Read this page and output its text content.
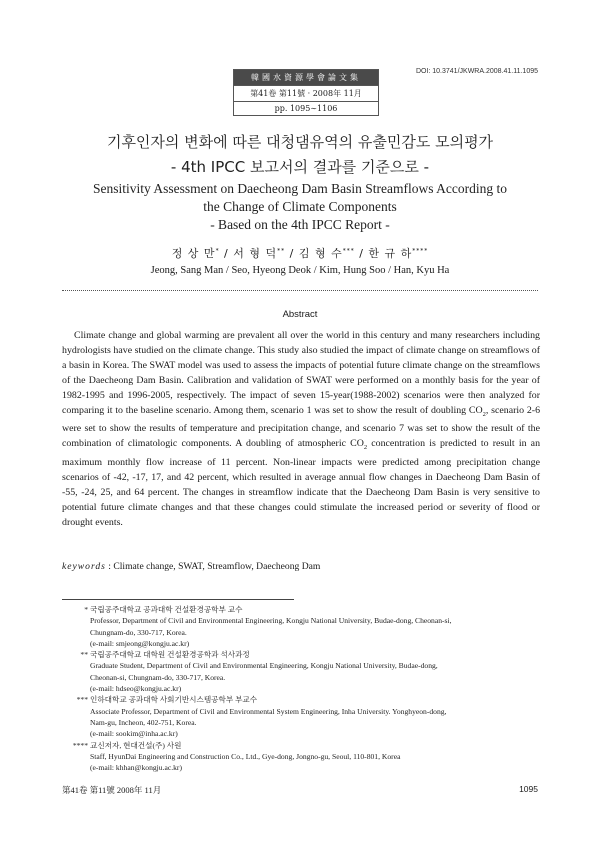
韓國水資源學會論文集
第41卷 第11號 · 2008年 11月
pp. 1095∼1106
DOI: 10.3741/JKWRA.2008.41.11.1095
기후인자의 변화에 따른 대청댐유역의 유출민감도 모의평가
- 4th IPCC 보고서의 결과를 기준으로 -
Sensitivity Assessment on Daecheong Dam Basin Streamflows According to
the Change of Climate Components
- Based on the 4th IPCC Report -
정 상 만* / 서 형 덕** / 김 형 수*** / 한 규 하****
Jeong, Sang Man / Seo, Hyeong Deok / Kim, Hung Soo / Han, Kyu Ha
Abstract

Climate change and global warming are prevalent all over the world in this century and many researchers including hydrologists have studied on the climate change. This study also studied the impact of climate change on streamflows of a basin in Korea. The SWAT model was used to assess the impacts of potential future climate change on the streamflows of the Daecheong Dam Basin. Calibration and validation of SWAT were performed on a monthly basis for the year of 1982-1995 and 1996-2005, respectively. The impact of seven 15-year(1988-2002) scenarios were then analyzed for comparing it to the baseline scenario. Among them, scenario 1 was set to show the result of doubling $CO_2$, scenario 2-6 were set to show the results of temperature and precipitation change, and scenario 7 was set to show the result of the combination of climatologic components. A doubling of atmospheric $CO_2$ concentration is predicted to result in an maximum monthly flow increase of 11 percent. Non-linear impacts were predicted among precipitation change scenarios of -42, -17, 17, and 42 percent, which resulted in average annual flow changes in Daecheong Dam Basin of -55, -24, 25, and 64 percent. The changes in streamflow indicate that the Daecheong Dam Basin is very sensitive to potential future climate changes and that these changes could stimulate the increased period or severity of flood or drought events.

keywords : Climate change, SWAT, Streamflow, Daecheong Dam
* 국립공주대학교 공과대학 건설환경공학부 교수
Professor, Department of Civil and Environmental Engineering, Kongju National University, Budae-dong, Cheonan-si,
Chungnam-do, 330-717, Korea.
(e-mail: smjeong@kongju.ac.kr)
** 국립공주대학교 대학원 건설환경공학과 석사과정
Graduate Student, Department of Civil and Environmental Engineering, Kongju National University, Budae-dong,
Cheonan-si, Chungnam-do, 330-717, Korea.
(e-mail: hdseo@kongju.ac.kr)
*** 인하대학교 공과대학 사회기반시스템공학부 부교수
Associate Professor, Department of Civil and Environmental System Engineering, Inha University. Yonghyeon-dong,
Nam-gu, Incheon, 402-751, Korea.
(e-mail: sookim@inha.ac.kr)
**** 교신저자, 현대건설(주) 사원
Staff, HyunDai Engineering and Construction Co., Ltd., Gye-dong, Jongno-gu, Seoul, 110-801, Korea
(e-mail: khhan@kongju.ac.kr)
第41卷 第11號 2008年 11月	1095
